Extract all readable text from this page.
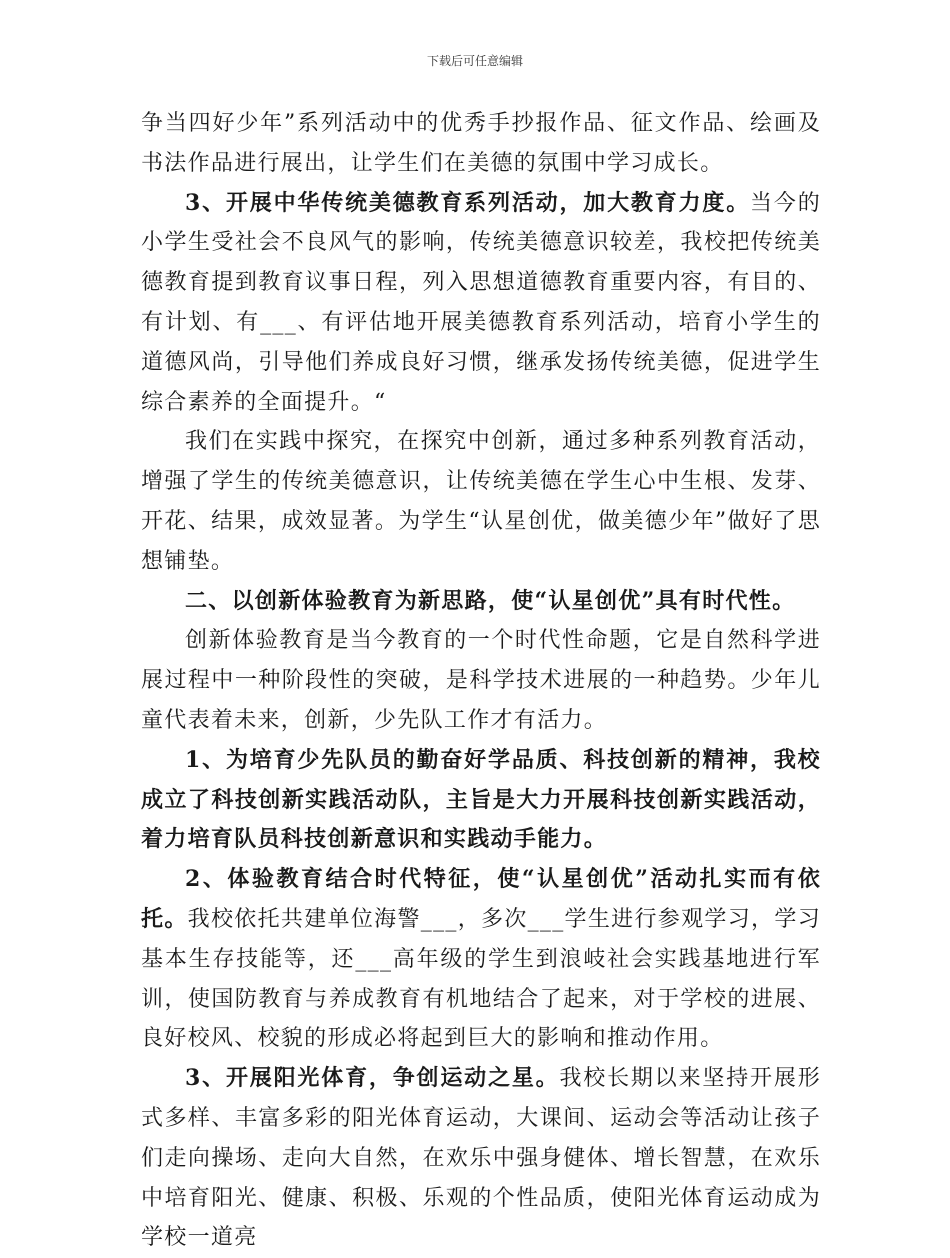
下载后可任意编辑

争当四好少年”系列活动中的优秀手抄报作品、征文作品、绘画及书法作品进行展出，让学生们在美德的氛围中学习成长。

3、开展中华传统美德教育系列活动，加大教育力度。当今的小学生受社会不良风气的影响，传统美德意识较差，我校把传统美德教育提到教育议事日程，列入思想道德教育重要内容，有目的、有计划、有___、有评估地开展美德教育系列活动，培育小学生的道德风尚，引导他们养成良好习惯，继承发扬传统美德，促进学生综合素养的全面提升。“

我们在实践中探究，在探究中创新，通过多种系列教育活动，增强了学生的传统美德意识，让传统美德在学生心中生根、发芽、开花、结果，成效显著。为学生“认星创优，做美德少年”做好了思想铺垫。

二、以创新体验教育为新思路，使“认星创优”具有时代性。

创新体验教育是当今教育的一个时代性命题，它是自然科学进展过程中一种阶段性的突破，是科学技术进展的一种趋势。少年儿童代表着未来，创新，少先队工作才有活力。

1、为培育少先队员的勤奋好学品质、科技创新的精神，我校成立了科技创新实践活动队，主旨是大力开展科技创新实践活动，着力培育队员科技创新意识和实践动手能力。

2、体验教育结合时代特征，使“认星创优”活动扎实而有依托。我校依托共建单位海警___，多次___学生进行参观学习，学习基本生存技能等，还___高年级的学生到浪岐社会实践基地进行军训，使国防教育与养成教育有机地结合了起来，对于学校的进展、良好校风、校貌的形成必将起到巨大的影响和推动作用。

3、开展阳光体育，争创运动之星。我校长期以来坚持开展形式多样、丰富多彩的阳光体育运动，大课间、运动会等活动让孩子们走向操场、走向大自然，在欢乐中强身健体、增长智慧，在欢乐中培育阳光、健康、积极、乐观的个性品质，使阳光体育运动成为学校一道亮
